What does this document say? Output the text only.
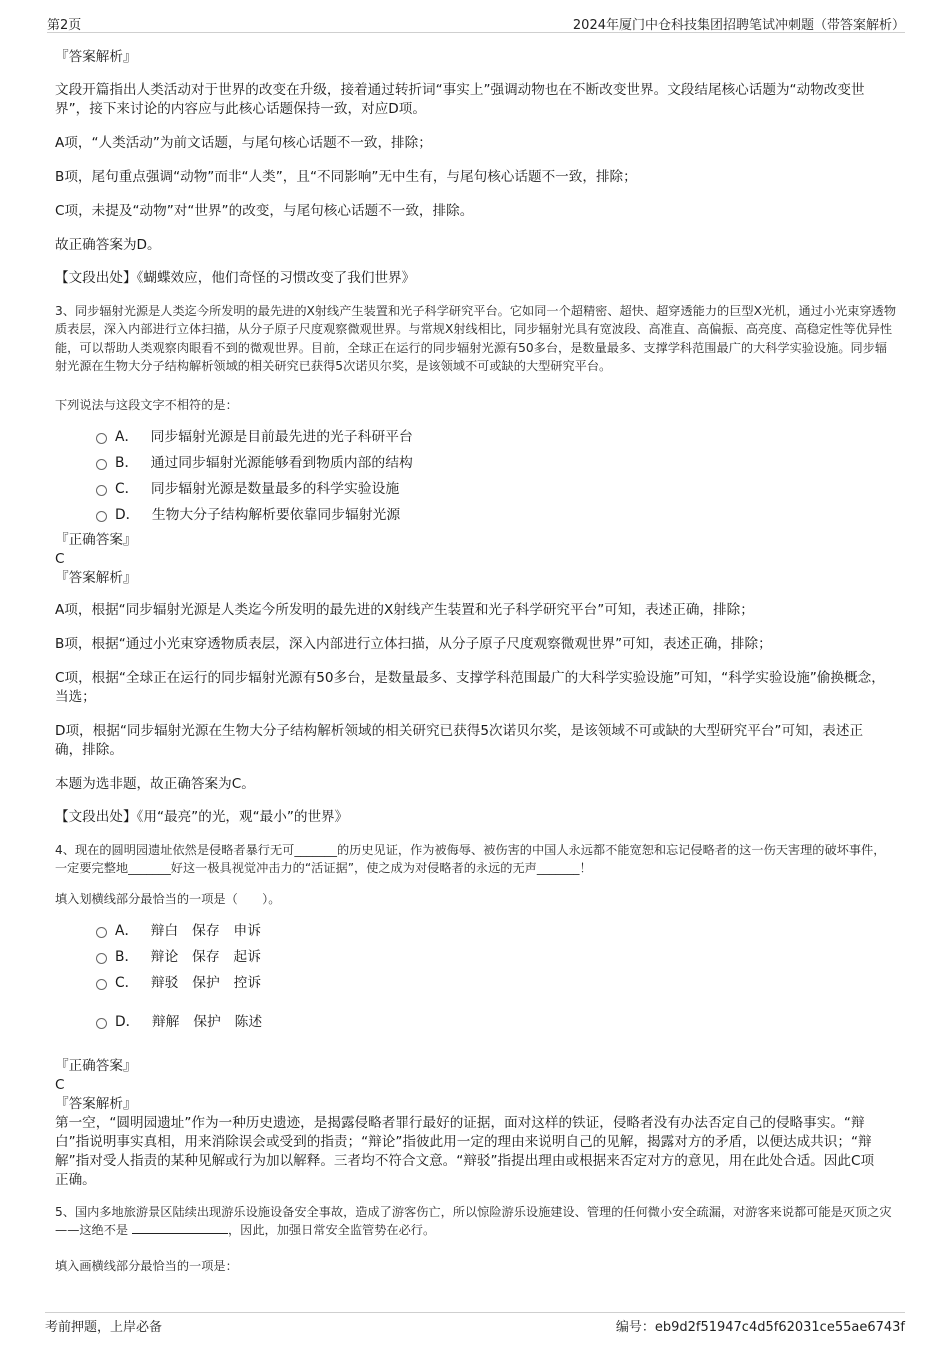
第2页	2024年厦门中仓科技集团招聘笔试冲刺题（带答案解析）

『答案解析』

文段开篇指出人类活动对于世界的改变在升级，接着通过转折词“事实上”强调动物也在不断改变世界。文段结尾核心话题为“动物改变世界”，接下来讨论的内容应与此核心话题保持一致，对应D项。

A项，“人类活动”为前文话题，与尾句核心话题不一致，排除；

B项，尾句重点强调“动物”而非“人类”，且“不同影响”无中生有，与尾句核心话题不一致，排除；

C项，未提及“动物”对“世界”的改变，与尾句核心话题不一致，排除。

故正确答案为D。

【文段出处】《蝴蝶效应，他们奇怪的习惯改变了我们世界》

3、同步辐射光源是人类迄今所发明的最先进的X射线产生装置和光子科学研究平台。它如同一个超精密、超快、超穿透能力的巨型X光机，通过小光束穿透物质表层，深入内部进行立体扫描，从分子原子尺度观察微观世界。与常规X射线相比，同步辐射光具有宽波段、高准直、高偏振、高亮度、高稳定性等优异性能，可以帮助人类观察肉眼看不到的微观世界。目前，全球正在运行的同步辐射光源有50多台，是数量最多、支撑学科范围最广的大科学实验设施。同步辐射光源在生物大分子结构解析领域的相关研究已获得5次诺贝尔奖，是该领域不可或缺的大型研究平台。

下列说法与这段文字不相符的是：

A． 同步辐射光源是目前最先进的光子科研平台

B． 通过同步辐射光源能够看到物质内部的结构

C． 同步辐射光源是数量最多的科学实验设施

D． 生物大分子结构解析要依靠同步辐射光源

『正确答案』

C

『答案解析』

A项，根据“同步辐射光源是人类迄今所发明的最先进的X射线产生装置和光子科学研究平台”可知，表述正确，排除；

B项，根据“通过小光束穿透物质表层，深入内部进行立体扫描，从分子原子尺度观察微观世界”可知，表述正确，排除；

C项，根据“全球正在运行的同步辐射光源有50多台，是数量最多、支撑学科范围最广的大科学实验设施”可知，“科学实验设施”偷换概念，当选；

D项，根据“同步辐射光源在生物大分子结构解析领域的相关研究已获得5次诺贝尔奖，是该领域不可或缺的大型研究平台”可知，表述正确，排除。

本题为选非题，故正确答案为C。

【文段出处】《用“最亮”的光，观“最小”的世界》

4、现在的圆明园遗址依然是侵略者暴行无可_______的历史见证，作为被侮辱、被伤害的中国人永远都不能宽恕和忘记侵略者的这一伤天害理的破坏事件，一定要完整地_______好这一极具视觉冲击力的“活证据”，使之成为对侵略者的永远的无声_______！

填入划横线部分最恰当的一项是（　　）。

A． 辩白　保存　申诉

B． 辩论　保存　起诉

C． 辩驳　保护　控诉

D． 辩解　保护　陈述

『正确答案』

C

『答案解析』

第一空，“圆明园遗址”作为一种历史遗迹，是揭露侵略者罪行最好的证据，面对这样的铁证，侵略者没有办法否定自己的侵略事实。“辩白”指说明事实真相，用来消除误会或受到的指责；“辩论”指彼此用一定的理由来说明自己的见解，揭露对方的矛盾，以便达成共识；“辩解”指对受人指责的某种见解或行为加以解释。三者均不符合文意。“辩驳”指提出理由或根据来否定对方的意见，用在此处合适。因此C项正确。

5、国内多地旅游景区陆续出现游乐设施设备安全事故，造成了游客伤亡，所以惊险游乐设施建设、管理的任何微小安全疏漏，对游客来说都可能是灭顶之灾——这绝不是	，因此，加强日常安全监管势在必行。

填入画横线部分最恰当的一项是：

考前押题，上岸必备	编号：eb9d2f51947c4d5f62031ce55ae6743f
